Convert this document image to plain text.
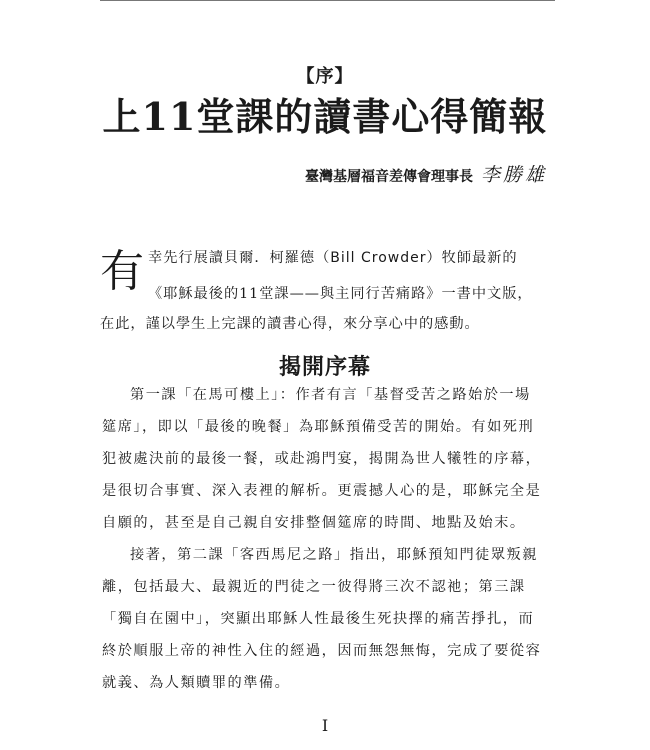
【序】
上11堂課的讀書心得簡報
臺灣基層福音差傳會理事長 李勝雄
有 幸先行展讀貝爾．柯羅德（Bill Crowder）牧師最新的
《耶穌最後的11堂課——與主同行苦痛路》一書中文版，
在此，謹以學生上完課的讀書心得，來分享心中的感動。
揭開序幕
第一課「在馬可樓上」：作者有言「基督受苦之路始於一場
筵席」，即以「最後的晚餐」為耶穌預備受苦的開始。有如死刑
犯被處決前的最後一餐，或赴鴻門宴，揭開為世人犧牲的序幕，
是很切合事實、深入表裡的解析。更震撼人心的是，耶穌完全是
自願的，甚至是自己親自安排整個筵席的時間、地點及始末。
接著，第二課「客西馬尼之路」指出，耶穌預知門徒眾叛親
離，包括最大、最親近的門徒之一彼得將三次不認祂；第三課
「獨自在園中」，突顯出耶穌人性最後生死抉擇的痛苦掙扎，而
終於順服上帝的神性入住的經過，因而無怨無悔，完成了要從容
就義、為人類贖罪的準備。
I
